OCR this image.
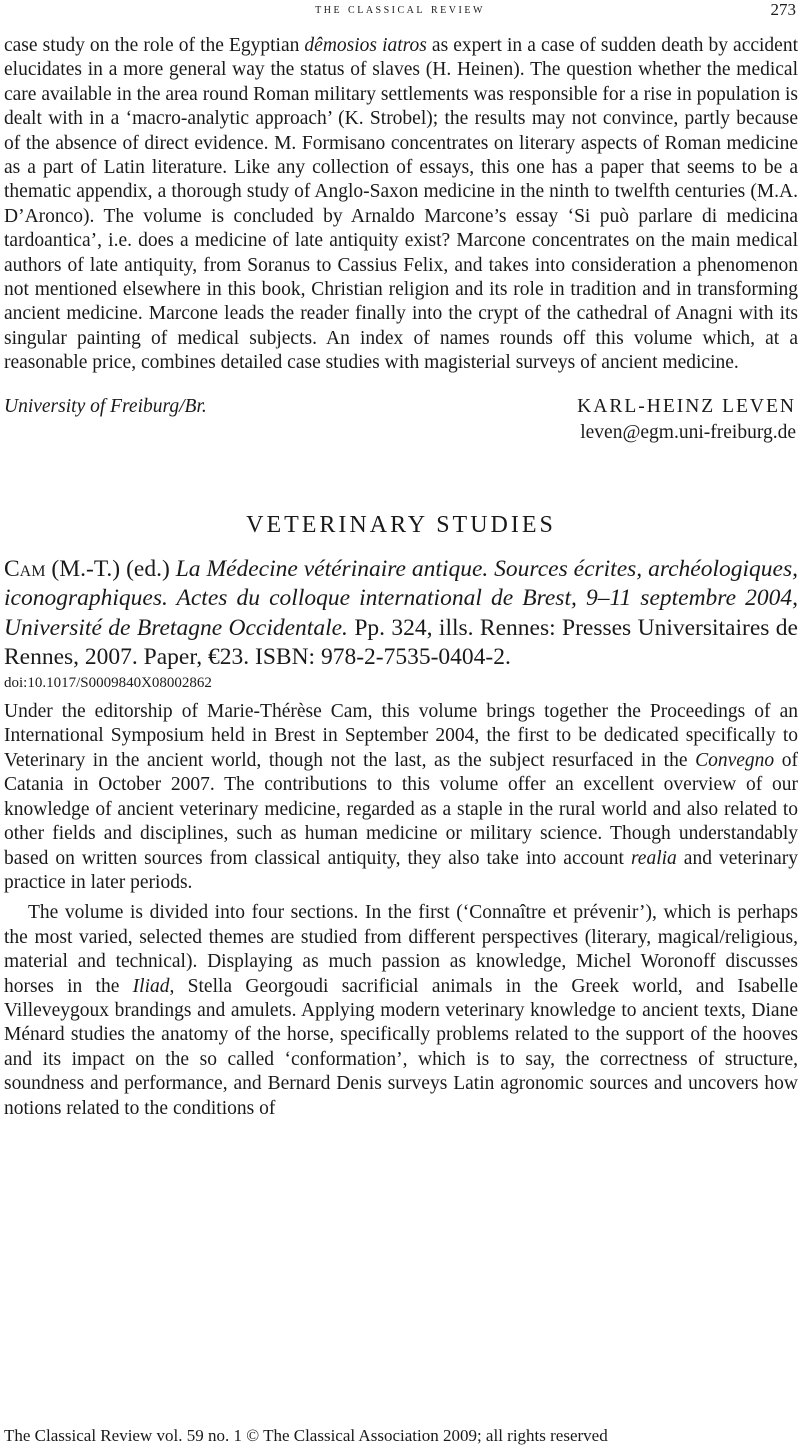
the classical review	273

case study on the role of the Egyptian dêmosios iatros as expert in a case of sudden death by accident elucidates in a more general way the status of slaves (H. Heinen). The question whether the medical care available in the area round Roman military settlements was responsible for a rise in population is dealt with in a ‘macro-analytic approach’ (K. Strobel); the results may not convince, partly because of the absence of direct evidence. M. Formisano concentrates on literary aspects of Roman medicine as a part of Latin literature. Like any collection of essays, this one has a paper that seems to be a thematic appendix, a thorough study of Anglo-Saxon medicine in the ninth to twelfth centuries (M.A. D’Aronco). The volume is concluded by Arnaldo Marcone’s essay ‘Si può parlare di medicina tardoantica’, i.e. does a medicine of late antiquity exist? Marcone concentrates on the main medical authors of late antiquity, from Soranus to Cassius Felix, and takes into consideration a phenomenon not mentioned elsewhere in this book, Christian religion and its role in tradition and in transforming ancient medicine. Marcone leads the reader finally into the crypt of the cathedral of Anagni with its singular painting of medical subjects. An index of names rounds off this volume which, at a reasonable price, combines detailed case studies with magisterial surveys of ancient medicine.

University of Freiburg/Br.	KARL-HEINZ LEVEN
leven@egm.uni-freiburg.de
VETERINARY STUDIES
Cam (M.-T.) (ed.) La Médecine vétérinaire antique. Sources écrites, archéologiques, iconographiques. Actes du colloque international de Brest, 9–11 septembre 2004, Université de Bretagne Occidentale. Pp. 324, ills. Rennes: Presses Universitaires de Rennes, 2007. Paper, €23. ISBN: 978-2-7535-0404-2.
doi:10.1017/S0009840X08002862

Under the editorship of Marie-Thérèse Cam, this volume brings together the Proceedings of an International Symposium held in Brest in September 2004, the first to be dedicated specifically to Veterinary in the ancient world, though not the last, as the subject resurfaced in the Convegno of Catania in October 2007. The contributions to this volume offer an excellent overview of our knowledge of ancient veterinary medicine, regarded as a staple in the rural world and also related to other fields and disciplines, such as human medicine or military science. Though understandably based on written sources from classical antiquity, they also take into account realia and veterinary practice in later periods.

The volume is divided into four sections. In the first (‘Connaître et prévenir’), which is perhaps the most varied, selected themes are studied from different perspectives (literary, magical/religious, material and technical). Displaying as much passion as knowledge, Michel Woronoff discusses horses in the Iliad, Stella Georgoudi sacrificial animals in the Greek world, and Isabelle Villeveygoux brandings and amulets. Applying modern veterinary knowledge to ancient texts, Diane Ménard studies the anatomy of the horse, specifically problems related to the support of the hooves and its impact on the so called ‘conformation’, which is to say, the correctness of structure, soundness and performance, and Bernard Denis surveys Latin agronomic sources and uncovers how notions related to the conditions of

The Classical Review vol. 59 no. 1 © The Classical Association 2009; all rights reserved
